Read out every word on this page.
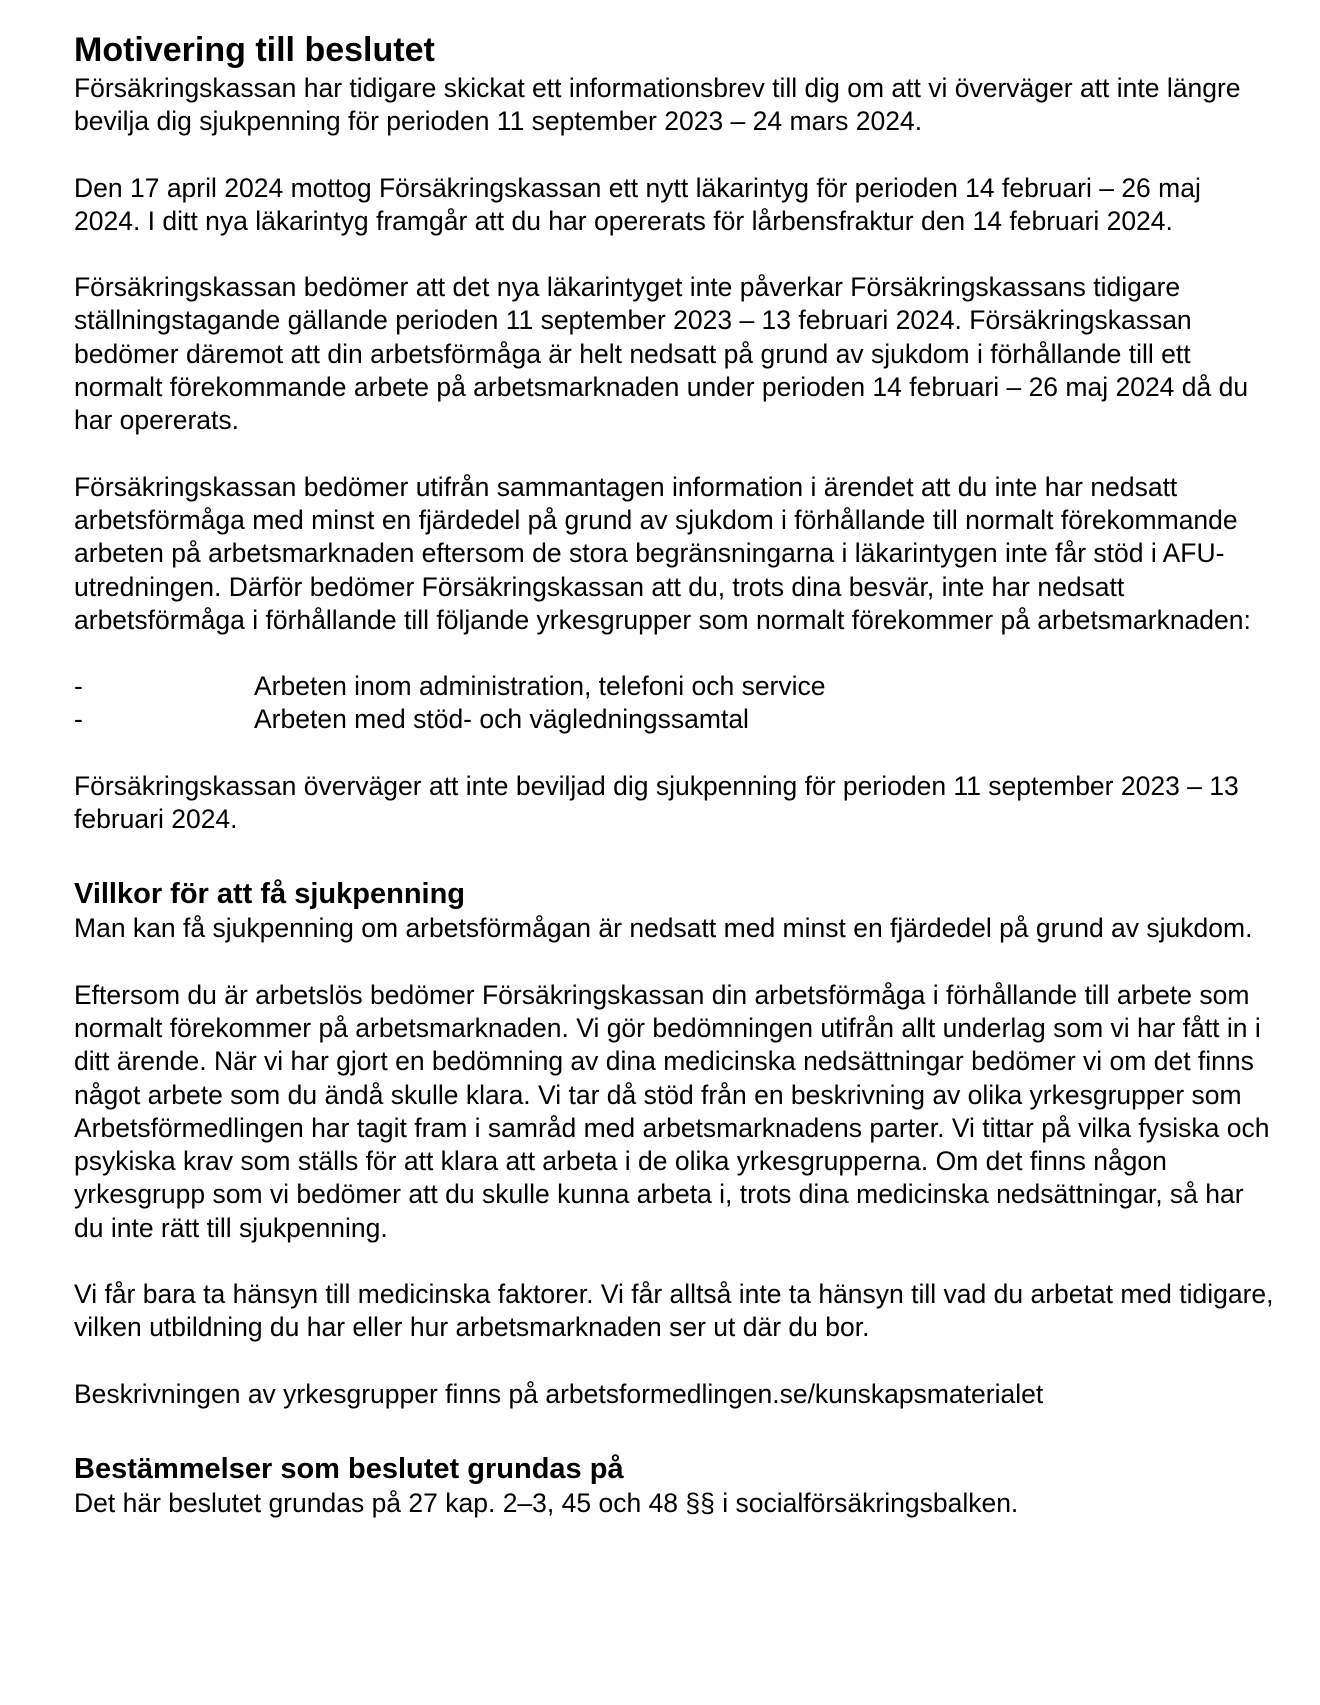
Motivering till beslutet

Försäkringskassan har tidigare skickat ett informationsbrev till dig om att vi överväger att inte längre bevilja dig sjukpenning för perioden 11 september 2023 – 24 mars 2024.

Den 17 april 2024 mottog Försäkringskassan ett nytt läkarintyg för perioden 14 februari – 26 maj 2024. I ditt nya läkarintyg framgår att du har opererats för lårbensfraktur den 14 februari 2024.

Försäkringskassan bedömer att det nya läkarintyget inte påverkar Försäkringskassans tidigare ställningstagande gällande perioden 11 september 2023 – 13 februari 2024. Försäkringskassan bedömer däremot att din arbetsförmåga är helt nedsatt på grund av sjukdom i förhållande till ett normalt förekommande arbete på arbetsmarknaden under perioden 14 februari – 26 maj 2024 då du har opererats.

Försäkringskassan bedömer utifrån sammantagen information i ärendet att du inte har nedsatt arbetsförmåga med minst en fjärdedel på grund av sjukdom i förhållande till normalt förekommande arbeten på arbetsmarknaden eftersom de stora begränsningarna i läkarintygen inte får stöd i AFU-utredningen. Därför bedömer Försäkringskassan att du, trots dina besvär, inte har nedsatt arbetsförmåga i förhållande till följande yrkesgrupper som normalt förekommer på arbetsmarknaden:

-	Arbeten inom administration, telefoni och service
-	Arbeten med stöd- och vägledningssamtal

Försäkringskassan överväger att inte beviljad dig sjukpenning för perioden 11 september 2023 – 13 februari 2024.

Villkor för att få sjukpenning

Man kan få sjukpenning om arbetsförmågan är nedsatt med minst en fjärdedel på grund av sjukdom.

Eftersom du är arbetslös bedömer Försäkringskassan din arbetsförmåga i förhållande till arbete som normalt förekommer på arbetsmarknaden. Vi gör bedömningen utifrån allt underlag som vi har fått in i ditt ärende. När vi har gjort en bedömning av dina medicinska nedsättningar bedömer vi om det finns något arbete som du ändå skulle klara. Vi tar då stöd från en beskrivning av olika yrkesgrupper som Arbetsförmedlingen har tagit fram i samråd med arbetsmarknadens parter. Vi tittar på vilka fysiska och psykiska krav som ställs för att klara att arbeta i de olika yrkesgrupperna. Om det finns någon yrkesgrupp som vi bedömer att du skulle kunna arbeta i, trots dina medicinska nedsättningar, så har du inte rätt till sjukpenning.

Vi får bara ta hänsyn till medicinska faktorer. Vi får alltså inte ta hänsyn till vad du arbetat med tidigare, vilken utbildning du har eller hur arbetsmarknaden ser ut där du bor.

Beskrivningen av yrkesgrupper finns på arbetsformedlingen.se/kunskapsmaterialet

Bestämmelser som beslutet grundas på

Det här beslutet grundas på 27 kap. 2–3, 45 och 48 §§ i socialförsäkringsbalken.
